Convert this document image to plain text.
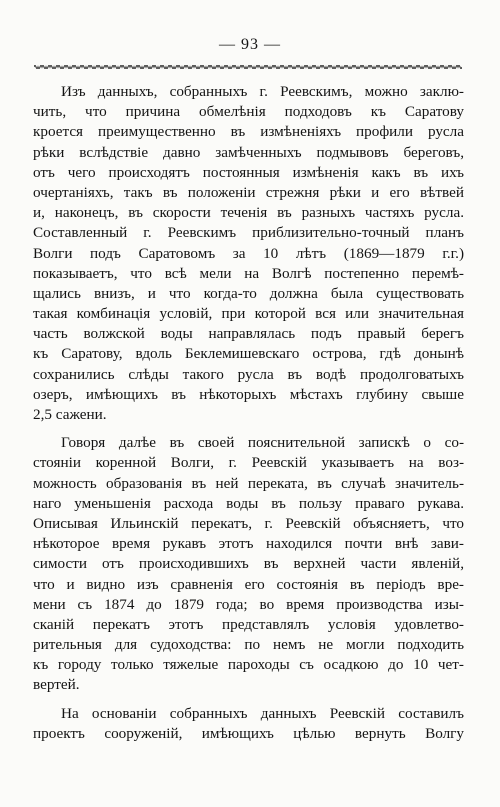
— 93 —
Изъ данныхъ, собранныхъ г. Реевскимъ, можно заклю-
чить, что причина обмелѣнія подходовъ къ Саратову
кроется преимущественно въ измѣненіяхъ профили русла
рѣки вслѣдствіе давно замѣченныхъ подмывовъ береговъ,
отъ чего происходятъ постоянныя измѣненія какъ въ ихъ
очертаніяхъ, такъ въ положеніи стрежня рѣки и его вѣтвей
и, наконецъ, въ скорости теченія въ разныхъ частяхъ русла.
Составленный г. Реевскимъ приблизительно-точный планъ
Волги подъ Саратовомъ за 10 лѣтъ (1869—1879 г.г.)
показываетъ, что всѣ мели на Волгѣ постепенно перемѣ-
щались внизъ, и что когда-то должна была существовать
такая комбинація условій, при которой вся или значительная
часть волжской воды направлялась подъ правый берегъ
къ Саратову, вдоль Беклемишевскаго острова, гдѣ донынѣ
сохранились слѣды такого русла въ водѣ продолговатыхъ
озеръ, имѣющихъ въ нѣкоторыхъ мѣстахъ глубину свыше
2,5 сажени.
Говоря далѣе въ своей пояснительной запискѣ о со-
стояніи коренной Волги, г. Реевскій указываетъ на воз-
можность образованія въ ней переката, въ случаѣ значитель-
наго уменьшенія расхода воды въ пользу праваго рукава.
Описывая Ильинскій перекатъ, г. Реевскій объясняетъ, что
нѣкоторое время рукавъ этотъ находился почти внѣ зави-
симости отъ происходившихъ въ верхней части явленій,
что и видно изъ сравненія его состоянія въ періодъ вре-
мени съ 1874 до 1879 года; во время производства изы-
сканій перекатъ этотъ представлялъ условія удовлетво-
рительныя для судоходства: по немъ не могли подходить
къ городу только тяжелые пароходы съ осадкою до 10 чет-
вертей.
На основаніи собранныхъ данныхъ Реевскій составилъ
проектъ сооруженій, имѣющихъ цѣлью вернуть Волгу
